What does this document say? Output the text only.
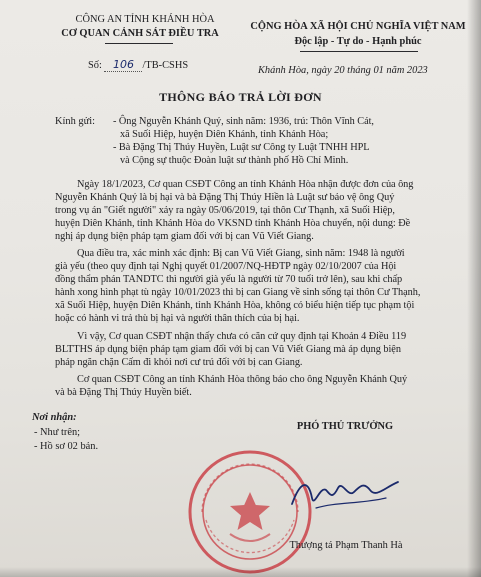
CÔNG AN TỈNH KHÁNH HÒA
CƠ QUAN CẢNH SÁT ĐIỀU TRA
Số: 106 /TB-CSHS
CỘNG HÒA XÃ HỘI CHỦ NGHĨA VIỆT NAM
Độc lập - Tự do - Hạnh phúc
Khánh Hòa, ngày 20 tháng 01 năm 2023
THÔNG BÁO TRẢ LỜI ĐƠN
Kính gửi: - Ông Nguyễn Khánh Quý, sinh năm: 1936, trú: Thôn Vĩnh Cát,
xã Suối Hiệp, huyện Diên Khánh, tỉnh Khánh Hòa;
- Bà Đặng Thị Thúy Huyền, Luật sư Công ty Luật TNHH HPL
và Cộng sự thuộc Đoàn luật sư thành phố Hồ Chí Minh.
Ngày 18/1/2023, Cơ quan CSĐT Công an tỉnh Khánh Hòa nhận được đơn của ông
Nguyễn Khánh Quý là bị hại và bà Đặng Thị Thúy Hiền là Luật sư bảo vệ ông Quý
trong vụ án "Giết người" xảy ra ngày 05/06/2019, tại thôn Cư Thạnh, xã Suối Hiệp,
huyện Diên Khánh, tỉnh Khánh Hòa do VKSND tỉnh Khánh Hòa chuyển, nội dung: Đề
nghị áp dụng biện pháp tạm giam đối với bị can Vũ Viết Giang.
Qua điều tra, xác minh xác định: Bị can Vũ Viết Giang, sinh năm: 1948 là người
già yếu (theo quy định tại Nghị quyết 01/2007/NQ-HĐTP ngày 02/10/2007 của Hội
đồng thẩm phán TANDTC thì người già yếu là người từ 70 tuổi trở lên), sau khi chấp
hành xong hình phạt tù ngày 10/01/2023 thì bị can Giang về sinh sống tại thôn Cư Thạnh,
xã Suối Hiệp, huyện Diên Khánh, tỉnh Khánh Hòa, không có biểu hiện tiếp tục phạm tội
hoặc có hành vi trả thù bị hại và người thân thích của bị hại.
Vì vậy, Cơ quan CSĐT nhận thấy chưa có căn cứ quy định tại Khoản 4 Điều 119
BLTTHS áp dụng biện pháp tạm giam đối với bị can Vũ Viết Giang mà áp dụng biện
pháp ngăn chặn Cấm đi khỏi nơi cư trú đối với bị can Giang.
Cơ quan CSĐT Công an tỉnh Khánh Hòa thông báo cho ông Nguyễn Khánh Quý
và bà Đặng Thị Thúy Huyền biết.
Nơi nhận:
- Như trên;
- Hồ sơ 02 bản.
PHÓ THỦ TRƯỞNG
Thượng tá Phạm Thanh Hà
